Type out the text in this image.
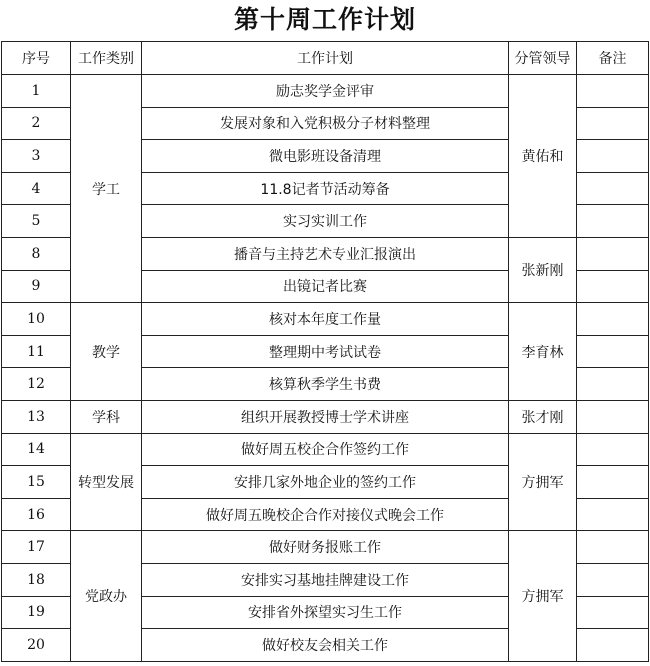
第十周工作计划
序号	工作类别	工作计划	分管领导	备注
1	学工	励志奖学金评审	黄佑和	
2		发展对象和入党积极分子材料整理		
3		微电影班设备清理		
4		11.8记者节活动筹备		
5		实习实训工作		
8		播音与主持艺术专业汇报演出	张新刚	
9		出镜记者比赛		
10	教学	核对本年度工作量	李育林	
11		整理期中考试试卷		
12		核算秋季学生书费		
13	学科	组织开展教授博士学术讲座	张才刚	
14	转型发展	做好周五校企合作签约工作	方拥军	
15		安排几家外地企业的签约工作		
16		做好周五晚校企合作对接仪式晚会工作		
17	党政办	做好财务报账工作	方拥军	
18		安排实习基地挂牌建设工作		
19		安排省外探望实习生工作		
20		做好校友会相关工作		
